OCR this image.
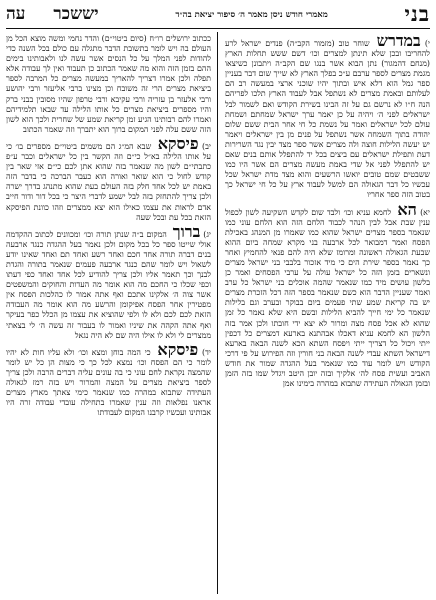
בני
מאמרי חודש ניסן מאמר ה׳ סיפור יציאת בה״ד
יששכר
עה

י) במדרש שוחר טוב (מזמור הקב״ה) פנדים ישראל לרע להחריבו ובכן שלא תינתן למצרים וכו׳ דשם ששש תחלות הארץ (מנחם דהמגור) נתן הבוא אשר בנגו שם הקב״ה ויתבונן כשיצאו מגמת מצרים לספר ערבם ע״כ בפלך הארץ לא שייך שום דבר בעניין ספר גמל הוא דלא איש ובתוך יהיו שוכני ארצי במעשה רב הם לעלותם ובאמת מצרים לא נשתפל אבל לעבוד הארץ תלכו לפריהם הנה ח״ו לא נרשם גם על זה הבינו בשירת הקודש ואם לשמור לבל ישראלים לפני ה׳ ויהיה על כן יאמר ערך ישראל שמחתם ושמחת עולם לכל ישראלים ואמר על נשמת כל חי אחר הבית ששם שלום יהודה בתוך השמחה אשר נשתפל על פנים מן בין ישראלים ויאמר יש יעשה הלילות חוצה ולה מצרים אשר ספר מצד יבין נגד השרירות דעת ותפילת ישראלים עם ביצים בכל יד להתפלל אותם בנים שאם יש להתפלל לפני אל שדי באמת מעשה מצרים הם אשר היו כמו ששבטים שמם טובים יואשו הרשעים והוא מצד מדת ישראל שכל עכשיו כל דבר הגאולה הם למשל לעבוד ארץ על כל חי ישראל כך בטוב הזה ספר אחריו

יא) הא לחמא עניא וכו׳ ולבד שום לקדש השקיעה לשון לכפול ענין שבת אבל לבין הנהר לכבוד הלחם הזה הוא הלחם עוני כמו שנאמר בספר מצרים ישראל שהוא כמו שאמרו מן המנהג באכילת הפסח ואמר דמבואר לכל ארבעה בני מקרא שמחה ביום ההוא שבעת הגאולה ראשונה ומרומז שלא היה להם פנאי להחמיץ ואחר כך נאמר בספר שירת הים כי מיד אזכור בלבבי בני ישראל מצרים ונשארים בזמן הזה כל ישראל עולה על ערבי הפסחים ואמר כן בלשון עושים מיד כמו שנאמר שהמה אוכלים בני ישראל כל ערב ואמר שעניין הדבר הוא כשם שנאמר בספר הזה דכל הזכרת מצרים יש בה קריאת שמע שתי פעמים ביום בבוקר ובערב וגם בלילות שנאמר כל ימי חייך להביא הלילות ובשם היא שלא נאמר כל זמן שהוא לא אכל פסח מצה ומרור לא יצא ידי חובתו ולכן אמר בזה הלשון הא לחמא עניא דאכלו אבהתנא בארעא דמצרים כל דכפין ייתי ויכול כל דצריך ייתי ויפסח השתא הכא לשנה הבאה בארעא דישראל השתא עבדי לשנה הבאה בני חורין וזה הפירוש על פי דרכי הקודש ויש לומר עוד כמו שנאמר בעל ההגדה שמור את חודש האביב ועשית פסח לה׳ אלקיך ובזה יובן היטב ויגדל שמו בזה הזמן ובזמן הגאולה העתידה שתבוא במהרה בימינו אמן

ככתוב ירושלים רו״ח (סיום ביטוי״ם) והדר נחמי ומשה מוצא הכל מן העולם בה ויש לומר בתשובת הדבר מתגלה עם כולם בכל השנה כדי להודות לפני המלך על כל הנסים אשר עשה לנו ולאבותינו בימים ההם בזמן הזה והוא מה שאמר הכתוב כן תעבוד ואין לך עבודה אלא תפלה ולכן אמרו דצריך להאריך במעשה מצרים כל המרבה לספר ביציאת מצרים הרי זה משובח וכן מצינו ברבי אליעזר ורבי יהושע ורבי אלעזר בן עזריה ורבי עקיבא ורבי טרפון שהיו מסובין בבני ברק והיו מספרים ביציאת מצרים כל אותו הלילה עד שבאו תלמידיהם ואמרו להם רבותינו הגיע זמן קריאת שמע של שחרית ולכך הוא לשון הזה ששם עלה לפני המקום ברוך הוא יתברך וזה שאמר הכתוב

יב) פיסקא שבא המ״ג הם משמים ביטוי״ם מספרים בו׳ כי על אותו הלילה בא״ל כי״ם וזה הקשר בין כל ישראלים וכבר ע״פ כתבתי״ם לשון מה שנאמר בזה שהוא אתן לכם כי״ם אזי שאר בין קודש לחול כי הוא שואר ואורה הוא כעבר הברכה כי בדבר הזה באמת יש לכל אחד חלק בזה העולם בעת שהוא מתנהג בדרך ישרה ולכן צריך להתחזק בזה לבל ישמע לדברי היצר כי בכל דור ודור חייב אדם לראות את עצמו כאילו הוא יצא ממצרים וזהו כוונת הפיסקא הזאת בכל עת ובכל שעה

יג) ברוך המקום ב״ה שנתן תורה וכו׳ ומכוונים לכתוב ההקדמה אולי שייטו ספר כל בכל מקום ולכן נאמר בעל ההגדה כנגד ארבעה בנים דברה תורה אחד חכם ואחד רשע ואחד תם ואחד שאינו יודע לשאול ויש לומר שהם כנגד ארבעה פעמים שנאמר בתורה והגדת לבנך וכך תאמר אליו ולכן צריך להודיע לכל אחד ואחד כפי דעתו וכפי שכלו כי החכם מה הוא אומר מה העדות והחוקים והמשפטים אשר צוה ה׳ אלקינו אתכם ואף אתה אמור לו כהלכות הפסח אין מפטירין אחר הפסח אפיקומן והרשע מה הוא אומר מה העבודה הזאת לכם לכם ולא לו ולפי שהוציא את עצמו מן הכלל כפר בעיקר ואף אתה הקהה את שיניו ואמור לו בעבור זה עשה ה׳ לי בצאתי ממצרים לי ולא לו אילו היה שם לא היה נגאל

יד) פיסקא כי המה בוחן ומצא וכו׳ ולא עליו חות לא יהיו לומר כי הם הפסח וכו׳ נמצא לכל כך כי מצות הן כל יש לומר שהמצה נקראת לחם עוני כי בה עונים עליה דברים הרבה ולכן צריך לספר ביציאת מצרים על המצה והמרור ויש בזה רמז לגאולה העתידה שתבוא במהרה כמו שנאמר כימי צאתך מארץ מצרים אראנו נפלאות וזה ענין שאמרו בתחילה עובדי עבודה זרה היו אבותינו ועכשיו קרבנו המקום לעבודתו
